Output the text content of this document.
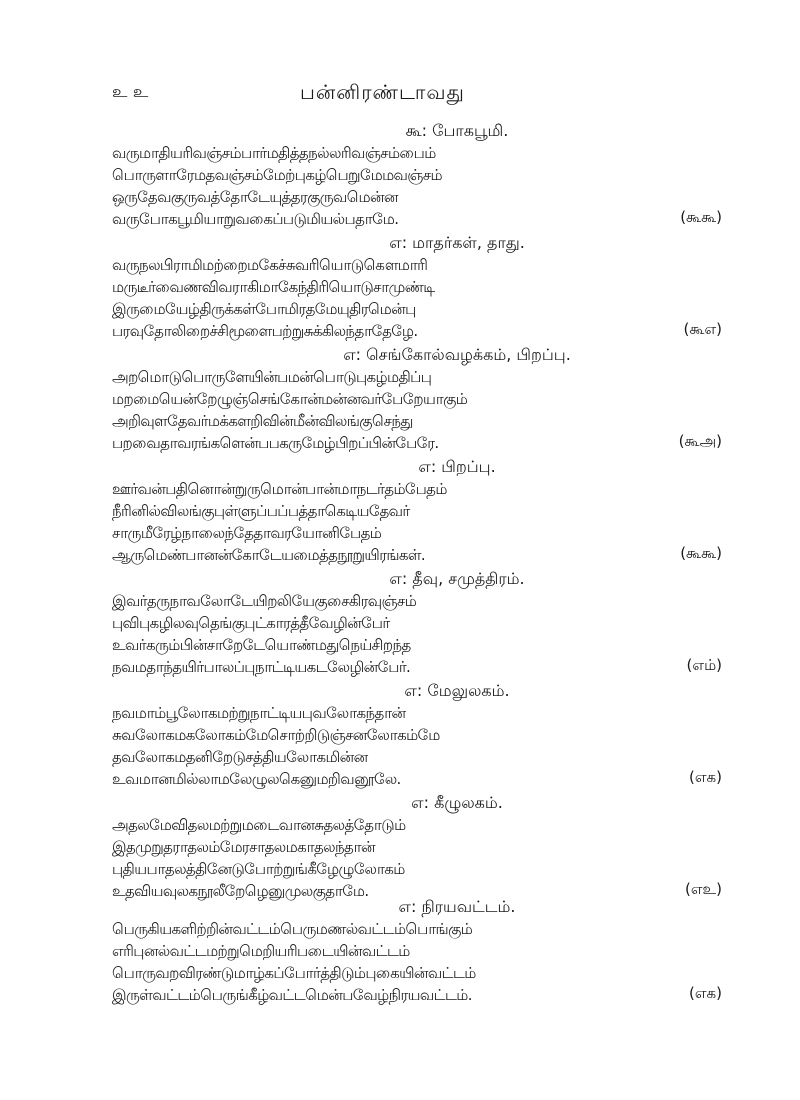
உ உ	பன்னிரண்டாவது
கூ: போகபூமி.
வருமாதியரிவஞ்சம்பார்மதித்தநல்லரிவஞ்சம்பைம்
பொருளாரேமதவஞ்சம்மேற்புகழ்பெறுமேமவஞ்சம்
ஒருதேவகுருவத்தோடேயுத்தரகுருவமென்ன
வருபோகபூமியாறுவகைப்படுமியல்பதாமே.	(கூகூ)
எ: மாதர்கள், தாது.
வருநலபிராமிமற்றைமகேச்சுவரியொடுகௌமாரி
மருடீர்வைணவிவராகிமாகேந்திரியொடுசாமுண்டி
இருமையேழ்திருக்கள்போமிரதமேயுதிரமென்பு
பரவுதோலிறைச்சிமூளைபற்றுசுக்கிலந்தாதேழே.	(கூஎ)
எ: செங்கோல்வழக்கம், பிறப்பு.
அறமொடுபொருளேயின்பமன்பொடுபுகழ்மதிப்பு
மறமையென்றேழுஞ்செங்கோன்மன்னவர்பேறேயாகும்
அறிவுளதேவர்மக்களறிவின்மீன்விலங்குசெந்து
பறவைதாவரங்களென்பபகருமேழ்பிறப்பின்பேரே.	(கூஅ)
எ: பிறப்பு.
ஊர்வன்பதினொன்றுருமொன்பான்மாநடர்தம்பேதம்
நீரினில்விலங்குபுள்ளுப்பப்பத்தாகெடியதேவர்
சாருமீரேழ்நாலைந்தேதாவரயோனிபேதம்
ஆருமெண்பானன்கோடேயமைத்தநூறுயிரங்கள்.	(கூகூ)
எ: தீவு, சமுத்திரம்.
இவர்தருநாவலோடேயிறலியேகுசைகிரவுஞ்சம்
புவிபுகழிலவுதெங்குபுட்காரத்தீவேழின்பேர்
உவர்கரும்பின்சாறேடேயொண்மதுநெய்சிறந்த
நவமதாந்தயிர்பாலப்புநாட்டியகடலேழின்பேர்.	(எம்)
எ: மேலுலகம்.
நவமாம்பூலோகமற்றுநாட்டியபுவலோகந்தான்
சுவலோகமகலோகம்மேசொற்றிடுஞ்சனலோகம்மே
தவலோகமதனிறேடுசத்தியலோகமின்ன
உவமானமில்லாமலேழுலகெனுமறிவனூலே.	(எக)
எ: கீழுலகம்.
அதலமேவிதலமற்றுமடைவானசுதலத்தோடும்
இதமுறுதராதலம்மேரசாதலமகாதலந்தான்
புதியபாதலத்தினேடுபோற்றுங்கீழேழுலோகம்
உதவியவுலகநூலீறேழெனுமுலகுதாமே.	(எஉ)
எ: நிரயவட்டம்.
பெருகியகளிற்றின்வட்டம்பெருமணல்வட்டம்பொங்கும்
எரிபுனல்வட்டமற்றுமெறியரிபடையின்வட்டம்
பொருவறவிரண்டுமாழ்கப்போர்த்திடும்புகையின்வட்டம்
இருள்வட்டம்பெருங்கீழ்வட்டமென்பவேழ்நிரயவட்டம்.	(எக)
